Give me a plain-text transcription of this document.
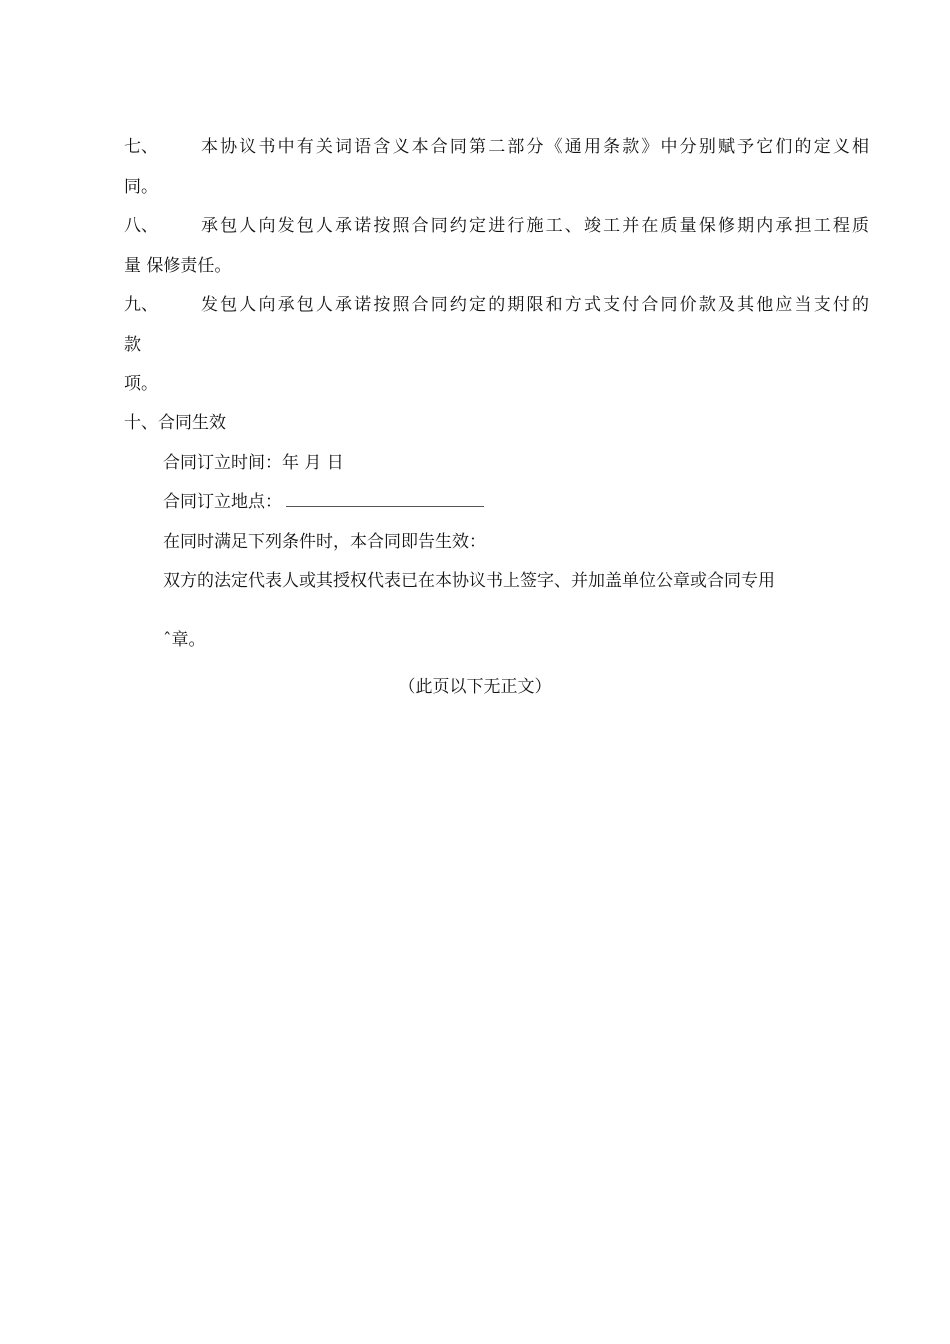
七、	本协议书中有关词语含义本合同第二部分《通用条款》中分别赋予它们的定义相
同。
八、	承包人向发包人承诺按照合同约定进行施工、竣工并在质量保修期内承担工程质
量 保修责任。
九、	发包人向承包人承诺按照合同约定的期限和方式支付合同价款及其他应当支付的
款
项。
十、合同生效
合同订立时间：年 月 日
合同订立地点：
在同时满足下列条件时，本合同即告生效：
双方的法定代表人或其授权代表已在本协议书上签字、并加盖单位公章或合同专用
ˆ章。
（此页以下无正文）
